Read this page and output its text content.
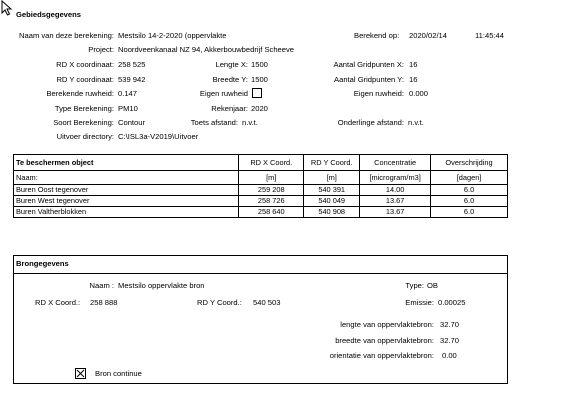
Gebiedsgegevens
Naam van deze berekening: Mestsilo 14-2-2020 (oppervlakte	Berekend op: 2020/02/14	11:45:44
Project: Noordveenkanaal NZ 94, Akkerbouwbedrijf Scheeve
RD X coordinaat: 258 525	Lengte X: 1500	Aantal Gridpunten X: 16
RD Y coordinaat: 539 942	Breedte Y: 1500	Aantal Gridpunten Y: 16
Berekende ruwheid: 0.147	Eigen ruwheid	Eigen ruwheid: 0.000
Type Berekening: PM10	Rekenjaar: 2020
Soort Berekening: Contour	Toets afstand: n.v.t.	Onderlinge afstand: n.v.t.
Uitvoer directory: C:\ISL3a-V2019\Uitvoer
Te beschermen object	RD X Coord.	RD Y Coord.	Concentratie	Overschrijding
Naam:	[m]	[m]	[microgram/m3]	[dagen]
Buren Oost tegenover	259 208	540 391	14.00	6.0
Buren West tegenover	258 726	540 049	13.67	6.0
Buren Valtherblokken	258 640	540 908	13.67	6.0
Brongegevens
Naam : Mestsilo oppervlakte bron	Type: OB
RD X Coord.: 258 888	RD Y Coord.: 540 503	Emissie: 0.00025
lengte van oppervlaktebron: 32.70
breedte van oppervlaktebron: 32.70
orientatie van oppervlaktebron: 0.00
Bron continue
